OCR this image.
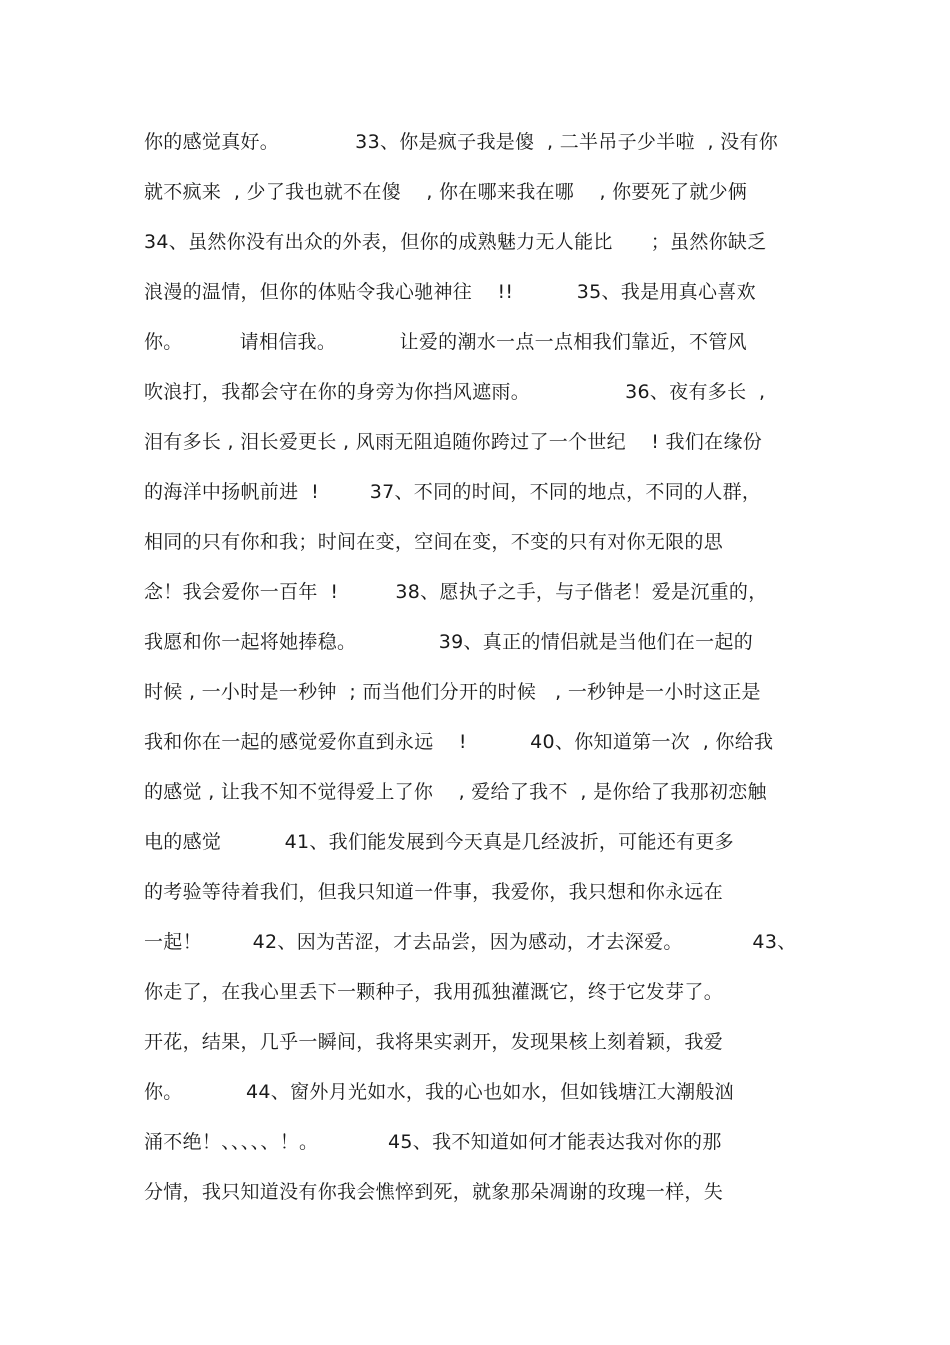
你的感觉真好。            33、你是疯子我是傻  , 二半吊子少半啦  , 没有你
就不疯来  , 少了我也就不在傻    , 你在哪来我在哪    , 你要死了就少俩
34、虽然你没有出众的外表，但你的成熟魅力无人能比      ；虽然你缺乏
浪漫的温情，但你的体贴令我心驰神往    !!          35、我是用真心喜欢
你。         请相信我。          让爱的潮水一点一点相我们靠近，不管风
吹浪打，我都会守在你的身旁为你挡风遮雨。               36、夜有多长  ,
泪有多长 , 泪长爱更长 , 风雨无阻追随你跨过了一个世纪    ! 我们在缘份
的海洋中扬帆前进  !        37、不同的时间，不同的地点，不同的人群，
相同的只有你和我；时间在变，空间在变，不变的只有对你无限的思
念！我会爱你一百年  !         38、愿执子之手，与子偕老！爱是沉重的，
我愿和你一起将她捧稳。             39、真正的情侣就是当他们在一起的
时候 , 一小时是一秒钟  ; 而当他们分开的时候   , 一秒钟是一小时这正是
我和你在一起的感觉爱你直到永远    !          40、你知道第一次  , 你给我
的感觉 , 让我不知不觉得爱上了你    , 爱给了我不  , 是你给了我那初恋触
电的感觉          41、我们能发展到今天真是几经波折，可能还有更多
的考验等待着我们，但我只知道一件事，我爱你，我只想和你永远在
一起！        42、因为苦涩，才去品尝，因为感动，才去深爱。           43、
你走了，在我心里丢下一颗种子，我用孤独灌溉它，终于它发芽了。
开花，结果，几乎一瞬间，我将果实剥开，发现果核上刻着颖，我爱
你。          44、窗外月光如水，我的心也如水，但如钱塘江大潮般汹
涌不绝！、、、、、！。           45、我不知道如何才能表达我对你的那
分情，我只知道没有你我会憔悴到死，就象那朵凋谢的玫瑰一样，失
